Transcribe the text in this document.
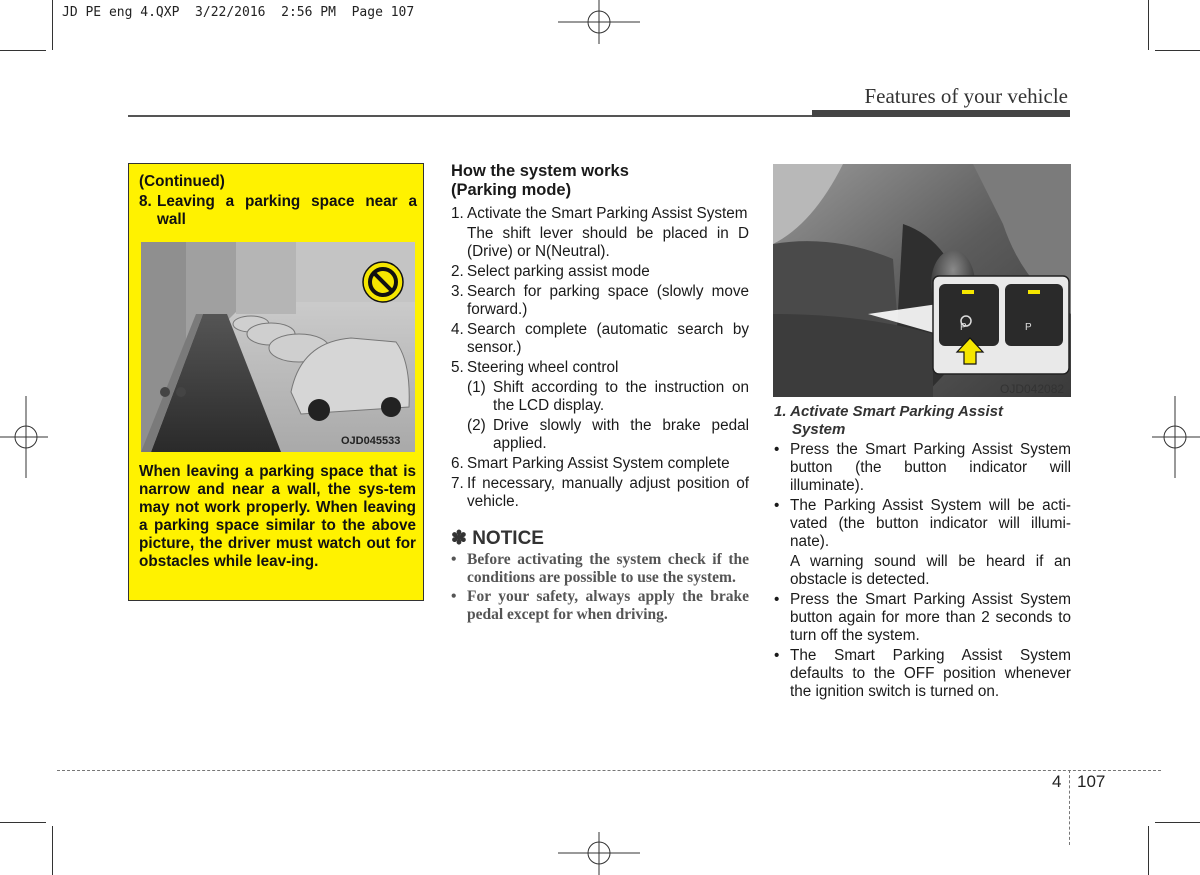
JD PE eng 4.QXP  3/22/2016  2:56 PM  Page 107
Features of your vehicle
(Continued)
8. Leaving a parking space near a wall
OJD045533
When leaving a parking space that is narrow and near a wall, the sys-tem may not work properly. When leaving a parking space similar to the above picture, the driver must watch out for obstacles while leav-ing.
How the system works
(Parking mode)
1. Activate the Smart Parking Assist System
The shift lever should be placed in D (Drive) or N(Neutral).
2. Select parking assist mode
3. Search for parking space (slowly move forward.)
4. Search complete (automatic search by sensor.)
5. Steering wheel control
(1) Shift according to the instruction on the LCD display.
(2) Drive slowly with the brake pedal applied.
6. Smart Parking Assist System complete
7. If necessary, manually adjust position of vehicle.
✽ NOTICE
• Before activating the system check if the conditions are possible to use the system.
• For your safety, always apply the brake pedal except for when driving.
P	P
OJD042082
1. Activate Smart Parking Assist
System
• Press the Smart Parking Assist System button (the button indicator will illuminate).
• The Parking Assist System will be acti-vated (the button indicator will illumi-nate).
A warning sound will be heard if an obstacle is detected.
• Press the Smart Parking Assist System button again for more than 2 seconds to turn off the system.
• The Smart Parking Assist System defaults to the OFF position whenever the ignition switch is turned on.
4 107
